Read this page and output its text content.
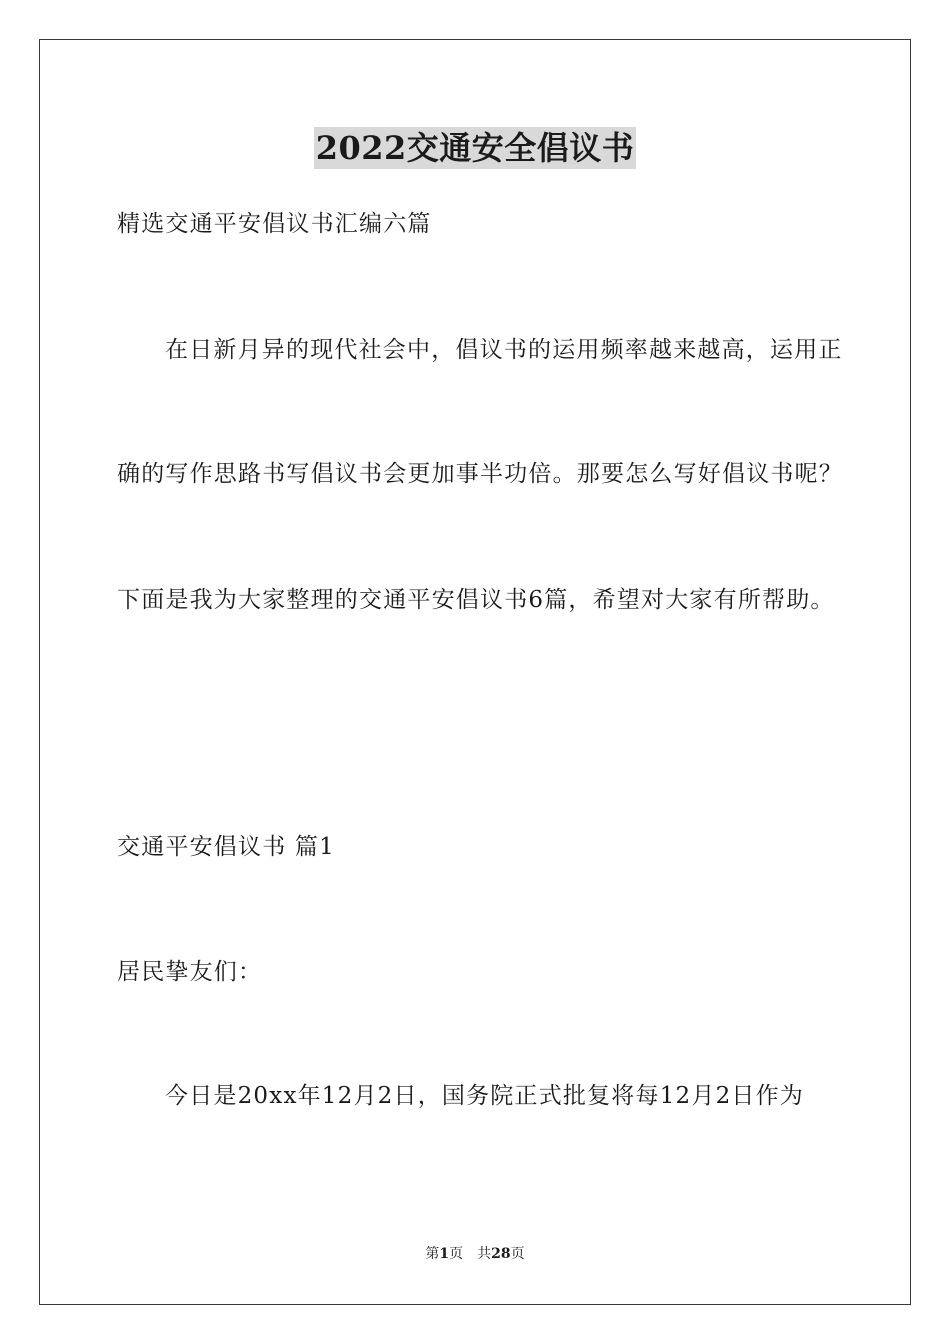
2022交通安全倡议书
精选交通平安倡议书汇编六篇
在日新月异的现代社会中，倡议书的运用频率越来越高，运用正
确的写作思路书写倡议书会更加事半功倍。那要怎么写好倡议书呢？
下面是我为大家整理的交通平安倡议书6篇，希望对大家有所帮助。
交通平安倡议书 篇1
居民挚友们：
今日是20xx年12月2日，国务院正式批复将每12月2日作为
第1页 共28页
